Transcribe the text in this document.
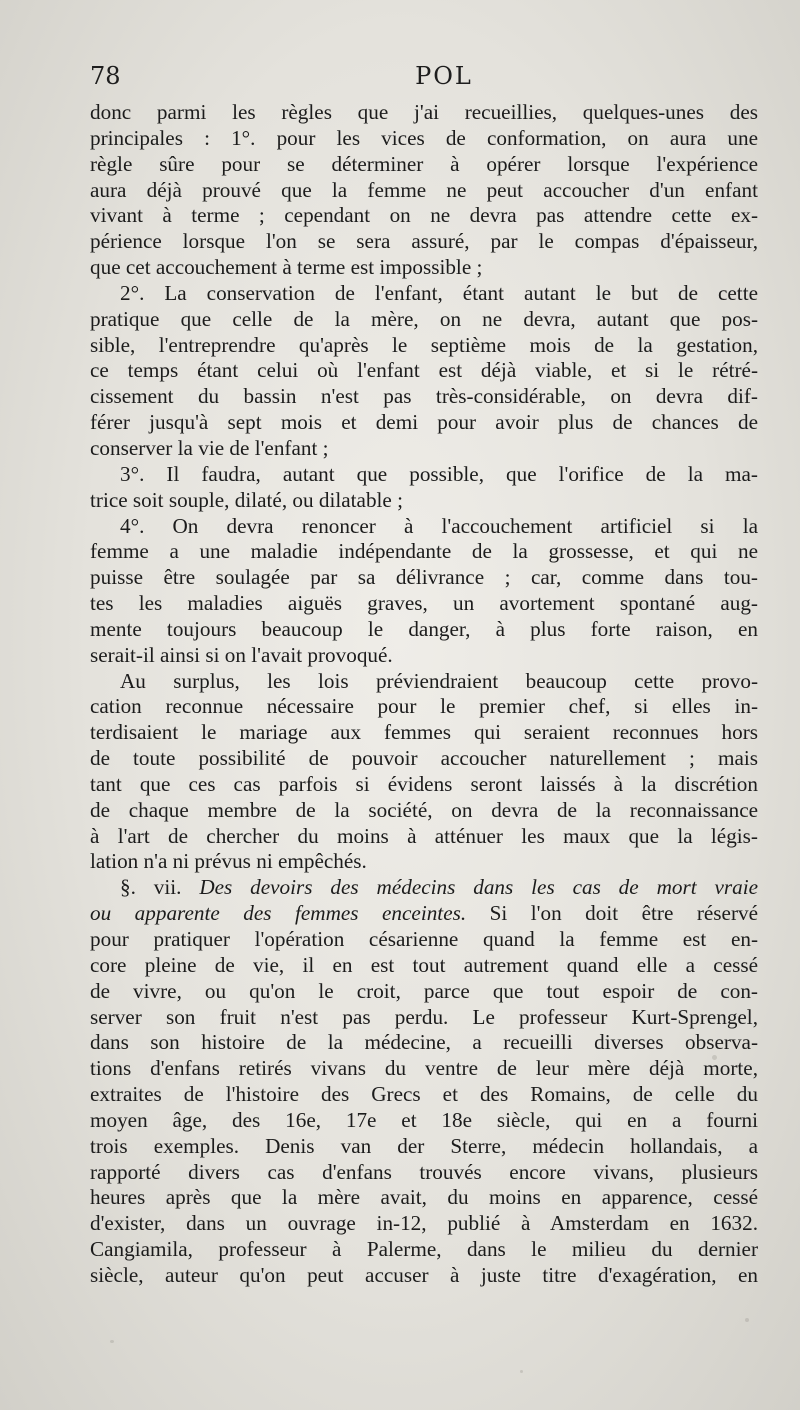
78	POL
donc parmi les règles que j'ai recueillies, quelques-unes des
principales : 1°. pour les vices de conformation, on aura une
règle sûre pour se déterminer à opérer lorsque l'expérience
aura déjà prouvé que la femme ne peut accoucher d'un enfant
vivant à terme ; cependant on ne devra pas attendre cette ex-
périence lorsque l'on se sera assuré, par le compas d'épaisseur,
que cet accouchement à terme est impossible ;
2°. La conservation de l'enfant, étant autant le but de cette
pratique que celle de la mère, on ne devra, autant que pos-
sible, l'entreprendre qu'après le septième mois de la gestation,
ce temps étant celui où l'enfant est déjà viable, et si le rétré-
cissement du bassin n'est pas très-considérable, on devra dif-
férer jusqu'à sept mois et demi pour avoir plus de chances de
conserver la vie de l'enfant ;
3°. Il faudra, autant que possible, que l'orifice de la ma-
trice soit souple, dilaté, ou dilatable ;
4°. On devra renoncer à l'accouchement artificiel si la
femme a une maladie indépendante de la grossesse, et qui ne
puisse être soulagée par sa délivrance ; car, comme dans tou-
tes les maladies aiguës graves, un avortement spontané aug-
mente toujours beaucoup le danger, à plus forte raison, en
serait-il ainsi si on l'avait provoqué.
Au surplus, les lois préviendraient beaucoup cette provo-
cation reconnue nécessaire pour le premier chef, si elles in-
terdisaient le mariage aux femmes qui seraient reconnues hors
de toute possibilité de pouvoir accoucher naturellement ; mais
tant que ces cas parfois si évidens seront laissés à la discrétion
de chaque membre de la société, on devra de la reconnaissance
à l'art de chercher du moins à atténuer les maux que la légis-
lation n'a ni prévus ni empêchés.
§. vii. Des devoirs des médecins dans les cas de mort vraie
ou apparente des femmes enceintes. Si l'on doit être réservé
pour pratiquer l'opération césarienne quand la femme est en-
core pleine de vie, il en est tout autrement quand elle a cessé
de vivre, ou qu'on le croit, parce que tout espoir de con-
server son fruit n'est pas perdu. Le professeur Kurt-Sprengel,
dans son histoire de la médecine, a recueilli diverses observa-
tions d'enfans retirés vivans du ventre de leur mère déjà morte,
extraites de l'histoire des Grecs et des Romains, de celle du
moyen âge, des 16e, 17e et 18e siècle, qui en a fourni
trois exemples. Denis van der Sterre, médecin hollandais, a
rapporté divers cas d'enfans trouvés encore vivans, plusieurs
heures après que la mère avait, du moins en apparence, cessé
d'exister, dans un ouvrage in-12, publié à Amsterdam en 1632.
Cangiamila, professeur à Palerme, dans le milieu du dernier
siècle, auteur qu'on peut accuser à juste titre d'exagération, en
